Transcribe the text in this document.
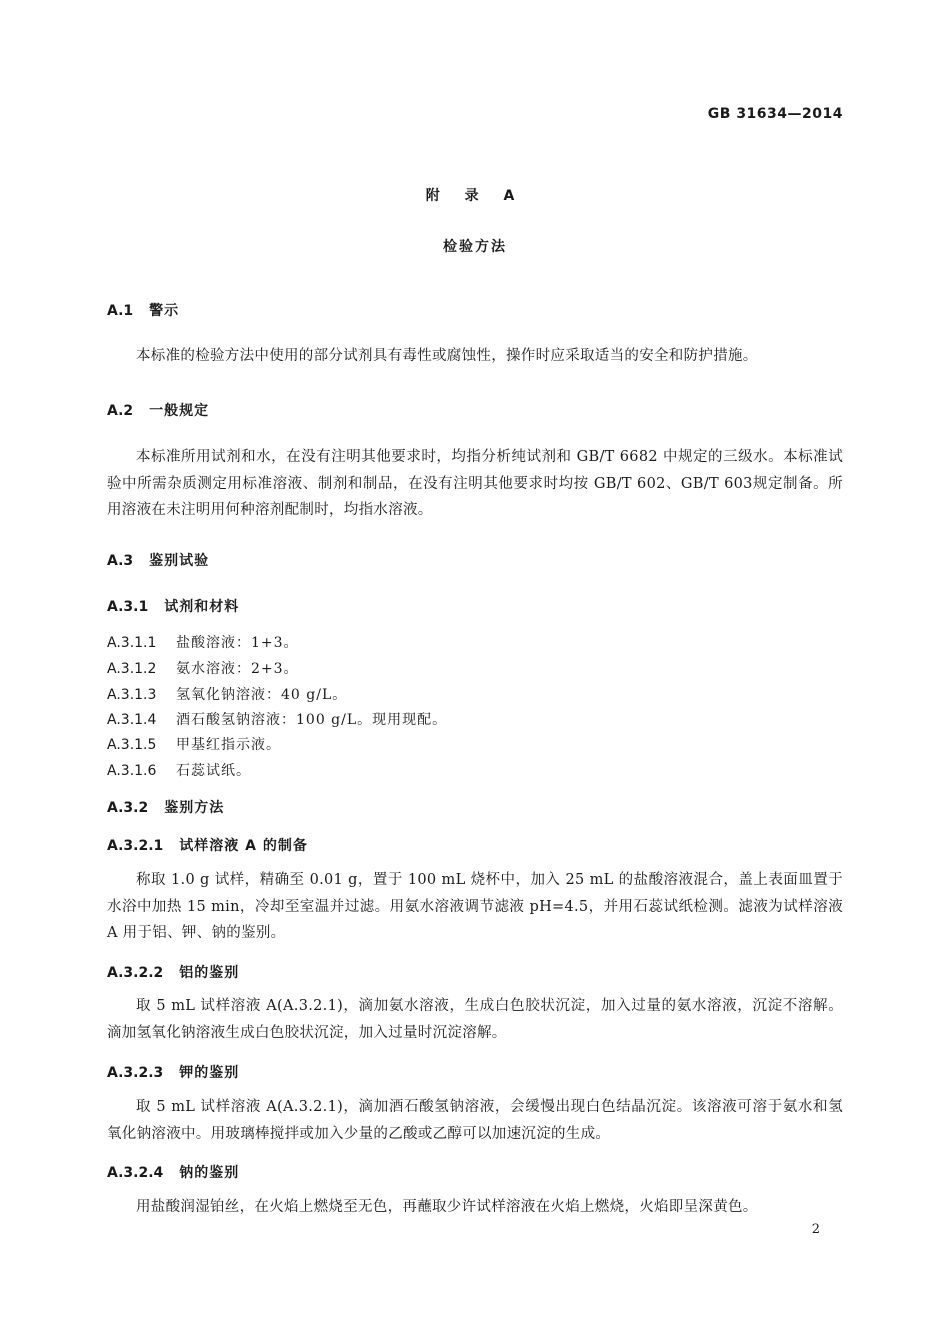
GB 31634—2014
附 录 A
检验方法
A.1 警示
本标准的检验方法中使用的部分试剂具有毒性或腐蚀性，操作时应采取适当的安全和防护措施。
A.2 一般规定
本标准所用试剂和水，在没有注明其他要求时，均指分析纯试剂和 GB/T 6682 中规定的三级水。本标准试验中所需杂质测定用标准溶液、制剂和制品，在没有注明其他要求时均按 GB/T 602、GB/T 603规定制备。所用溶液在未注明用何种溶剂配制时，均指水溶液。
A.3 鉴别试验
A.3.1 试剂和材料
A.3.1.1 盐酸溶液：1+3。
A.3.1.2 氨水溶液：2+3。
A.3.1.3 氢氧化钠溶液：40 g/L。
A.3.1.4 酒石酸氢钠溶液：100 g/L。现用现配。
A.3.1.5 甲基红指示液。
A.3.1.6 石蕊试纸。
A.3.2 鉴别方法
A.3.2.1 试样溶液 A 的制备
称取 1.0 g 试样，精确至 0.01 g，置于 100 mL 烧杯中，加入 25 mL 的盐酸溶液混合，盖上表面皿置于水浴中加热 15 min，冷却至室温并过滤。用氨水溶液调节滤液 pH=4.5，并用石蕊试纸检测。滤液为试样溶液 A 用于铝、钾、钠的鉴别。
A.3.2.2 铝的鉴别
取 5 mL 试样溶液 A(A.3.2.1)，滴加氨水溶液，生成白色胶状沉淀，加入过量的氨水溶液，沉淀不溶解。滴加氢氧化钠溶液生成白色胶状沉淀，加入过量时沉淀溶解。
A.3.2.3 钾的鉴别
取 5 mL 试样溶液 A(A.3.2.1)，滴加酒石酸氢钠溶液，会缓慢出现白色结晶沉淀。该溶液可溶于氨水和氢氧化钠溶液中。用玻璃棒搅拌或加入少量的乙酸或乙醇可以加速沉淀的生成。
A.3.2.4 钠的鉴别
用盐酸润湿铂丝，在火焰上燃烧至无色，再蘸取少许试样溶液在火焰上燃烧，火焰即呈深黄色。
2
